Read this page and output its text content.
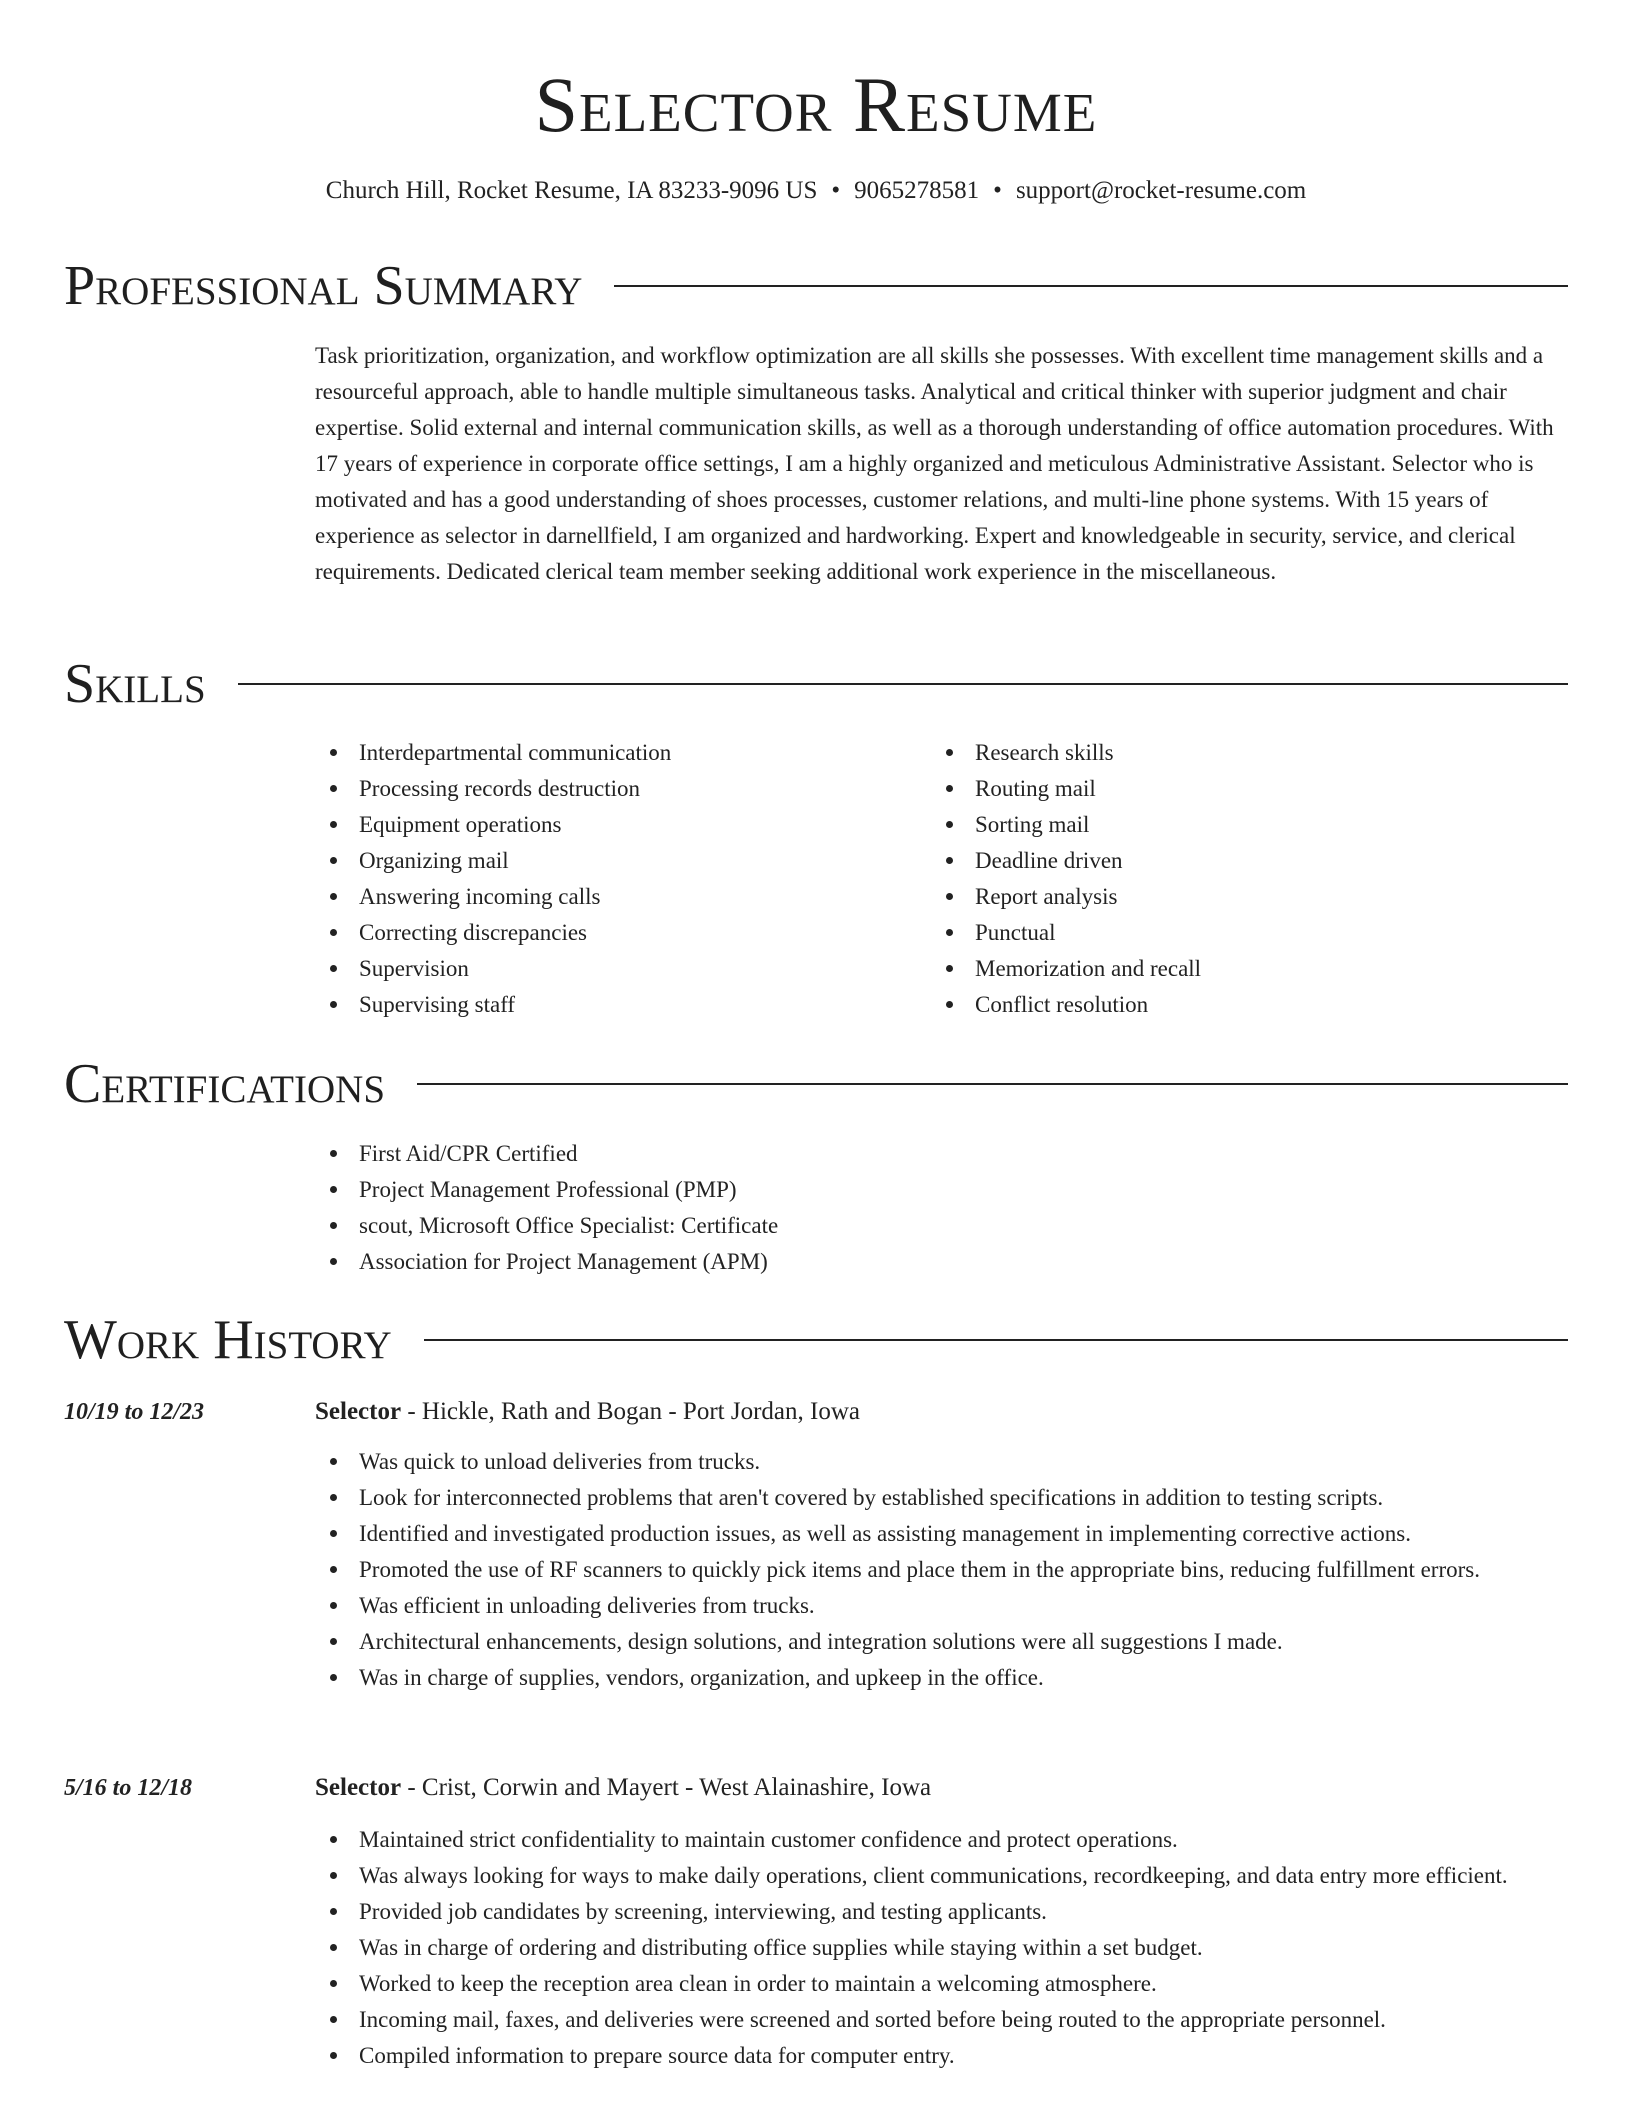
Selector Resume
Church Hill, Rocket Resume, IA 83233-9096 US • 9065278581 • support@rocket-resume.com
Professional Summary

Task prioritization, organization, and workflow optimization are all skills she possesses. With excellent time management skills and a resourceful approach, able to handle multiple simultaneous tasks. Analytical and critical thinker with superior judgment and chair expertise. Solid external and internal communication skills, as well as a thorough understanding of office automation procedures. With 17 years of experience in corporate office settings, I am a highly organized and meticulous Administrative Assistant. Selector who is motivated and has a good understanding of shoes processes, customer relations, and multi-line phone systems. With 15 years of experience as selector in darnellfield, I am organized and hardworking. Expert and knowledgeable in security, service, and clerical requirements. Dedicated clerical team member seeking additional work experience in the miscellaneous.

Skills
Interdepartmental communication
Processing records destruction
Equipment operations
Organizing mail
Answering incoming calls
Correcting discrepancies
Supervision
Supervising staff
Research skills
Routing mail
Sorting mail
Deadline driven
Report analysis
Punctual
Memorization and recall
Conflict resolution
Certifications
First Aid/CPR Certified
Project Management Professional (PMP)
scout, Microsoft Office Specialist: Certificate
Association for Project Management (APM)
Work History
10/19 to 12/23	Selector - Hickle, Rath and Bogan - Port Jordan, Iowa
Was quick to unload deliveries from trucks.
Look for interconnected problems that aren't covered by established specifications in addition to testing scripts.
Identified and investigated production issues, as well as assisting management in implementing corrective actions.
Promoted the use of RF scanners to quickly pick items and place them in the appropriate bins, reducing fulfillment errors.
Was efficient in unloading deliveries from trucks.
Architectural enhancements, design solutions, and integration solutions were all suggestions I made.
Was in charge of supplies, vendors, organization, and upkeep in the office.
5/16 to 12/18	Selector - Crist, Corwin and Mayert - West Alainashire, Iowa
Maintained strict confidentiality to maintain customer confidence and protect operations.
Was always looking for ways to make daily operations, client communications, recordkeeping, and data entry more efficient.
Provided job candidates by screening, interviewing, and testing applicants.
Was in charge of ordering and distributing office supplies while staying within a set budget.
Worked to keep the reception area clean in order to maintain a welcoming atmosphere.
Incoming mail, faxes, and deliveries were screened and sorted before being routed to the appropriate personnel.
Compiled information to prepare source data for computer entry.
